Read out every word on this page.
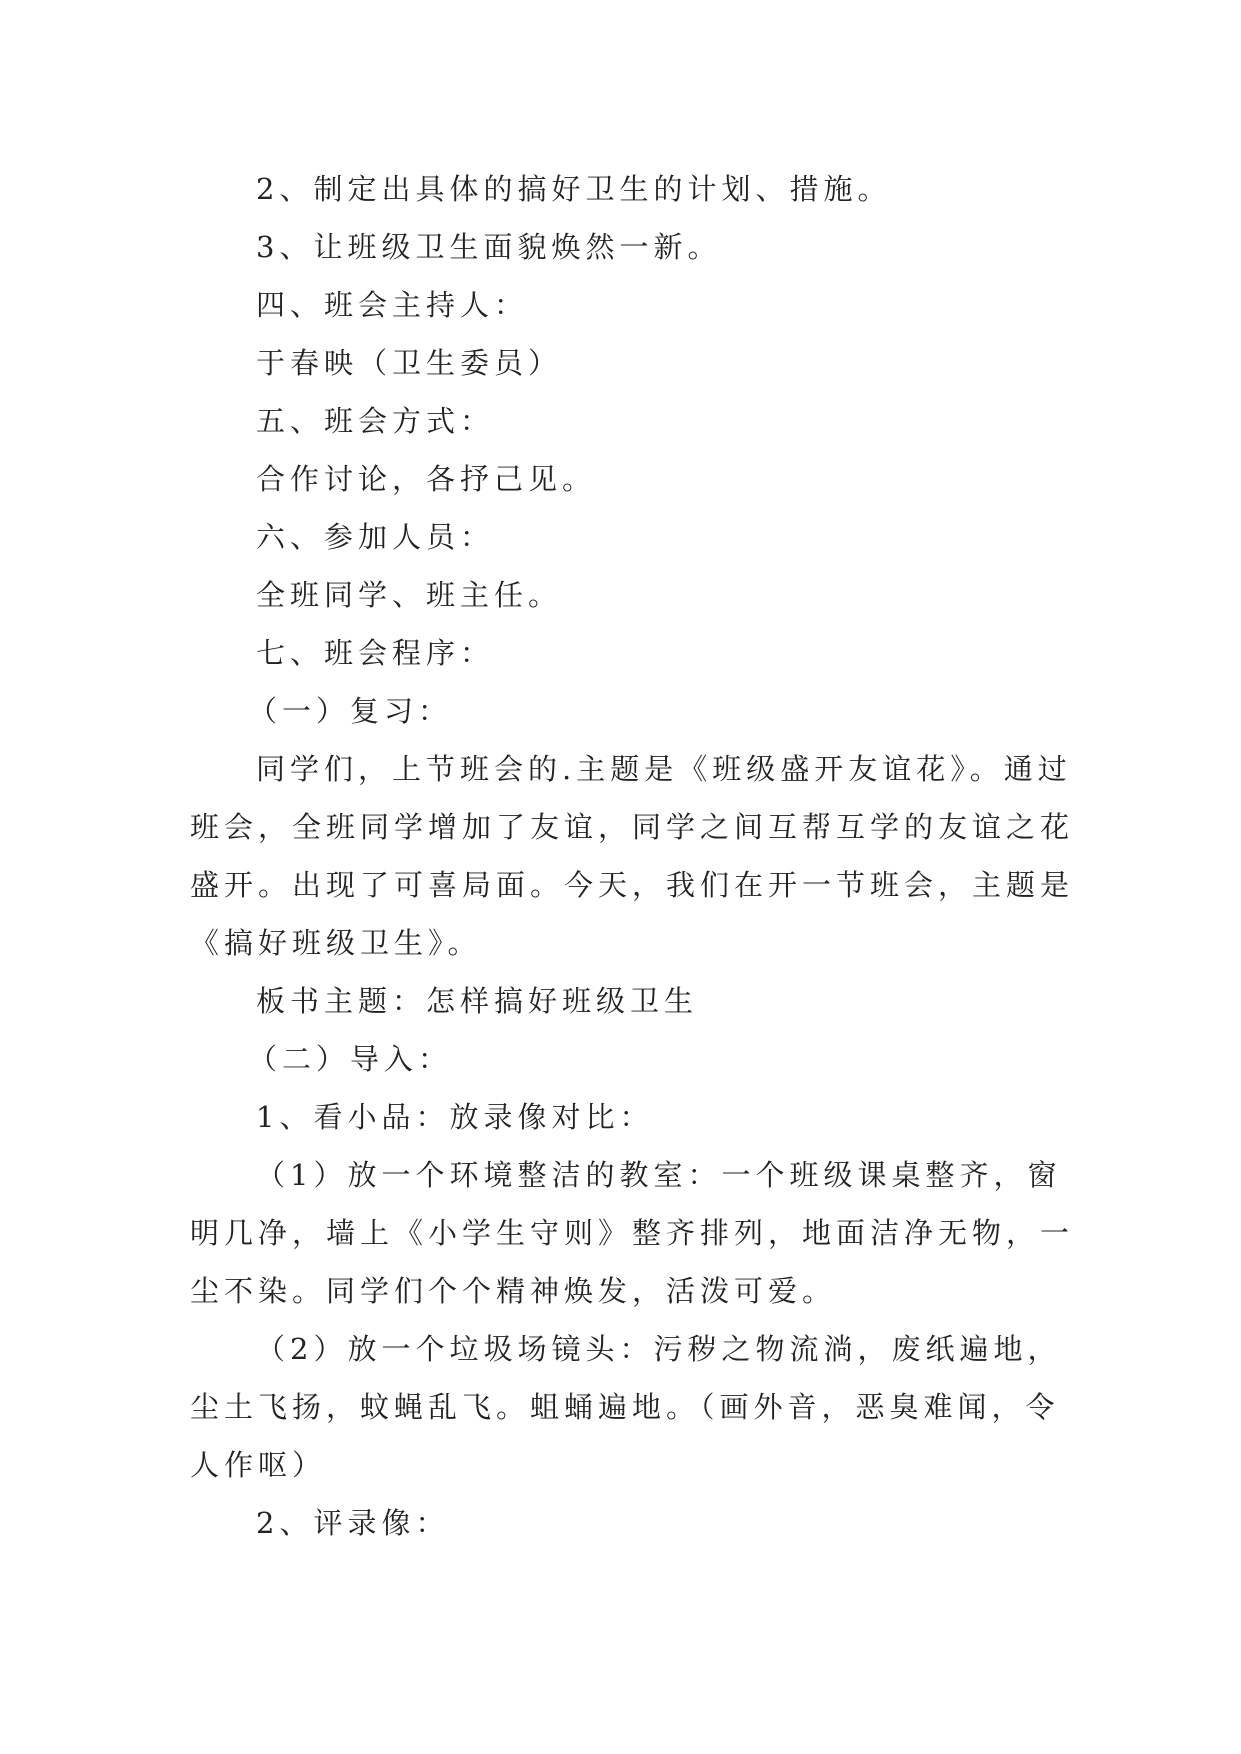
2、制定出具体的搞好卫生的计划、措施。
3、让班级卫生面貌焕然一新。
四、班会主持人：
于春映（卫生委员）
五、班会方式：
合作讨论，各抒己见。
六、参加人员：
全班同学、班主任。
七、班会程序：
（一）复习：
同学们，上节班会的.主题是《班级盛开友谊花》。通过
班会，全班同学增加了友谊，同学之间互帮互学的友谊之花
盛开。出现了可喜局面。今天，我们在开一节班会，主题是
《搞好班级卫生》。
板书主题：怎样搞好班级卫生
（二）导入：
1、看小品：放录像对比：
（1）放一个环境整洁的教室：一个班级课桌整齐，窗
明几净，墙上《小学生守则》整齐排列，地面洁净无物，一
尘不染。同学们个个精神焕发，活泼可爱。
（2）放一个垃圾场镜头：污秽之物流淌，废纸遍地，
尘土飞扬，蚊蝇乱飞。蛆蛹遍地。（画外音，恶臭难闻，令
人作呕）
2、评录像：
